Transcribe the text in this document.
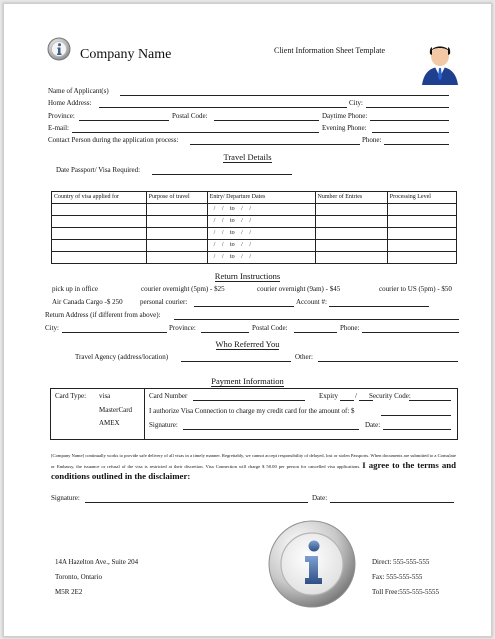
Company Name	Client Information Sheet Template
Name of Applicant(s)
Home Address:	City:
Province:	Postal Code:	Daytime Phone:
E-mail:	Evening Phone:
Contact Person during the application process:	Phone:
Travel Details
Date Passport/ Visa Required:
Country of visa applied for	Purpose of travel	Entry/ Departure Dates	Number of Entries	Processing Level
		/ / to / /		
		/ / to / /		
		/ / to / /		
		/ / to / /		
		/ / to / /		
Return Instructions
pick up in office	courier overnight (5pm) - $25	courier overnight (9am) - $45	courier to US (5pm) - $50
Air Canada Cargo -$ 250 personal courier:	Account #:
Return Address (if different from above):
City:	Province:	Postal Code:	Phone:
Who Referred You
Travel Agency (address/location)	Other:
Payment Information
Card Type: visa
MasterCard
AMEX
Card Number	Expiry / Security Code:
I authorize Visa Connection to charge my credit card for the amount of: $
Signature:	Date:
[Company Name] continually works to provide safe delivery of all visas in a timely manner. Regrettably, we cannot accept responsibility of delayed, lost or stolen Passports. When documents are submitted to a Consulate or Embassy, the issuance or refusal of the visa is restricted at their discretion. Visa Connection will charge $ 50.00 per person for cancelled visa applications. I agree to the terms and conditions outlined in the disclaimer:
Signature:	Date:
14A Hazelton Ave., Suite 204
Toronto, Ontario
M5R 2E2
Direct: 555-555-555
Fax: 555-555-555
Toll Free:555-555-5555
